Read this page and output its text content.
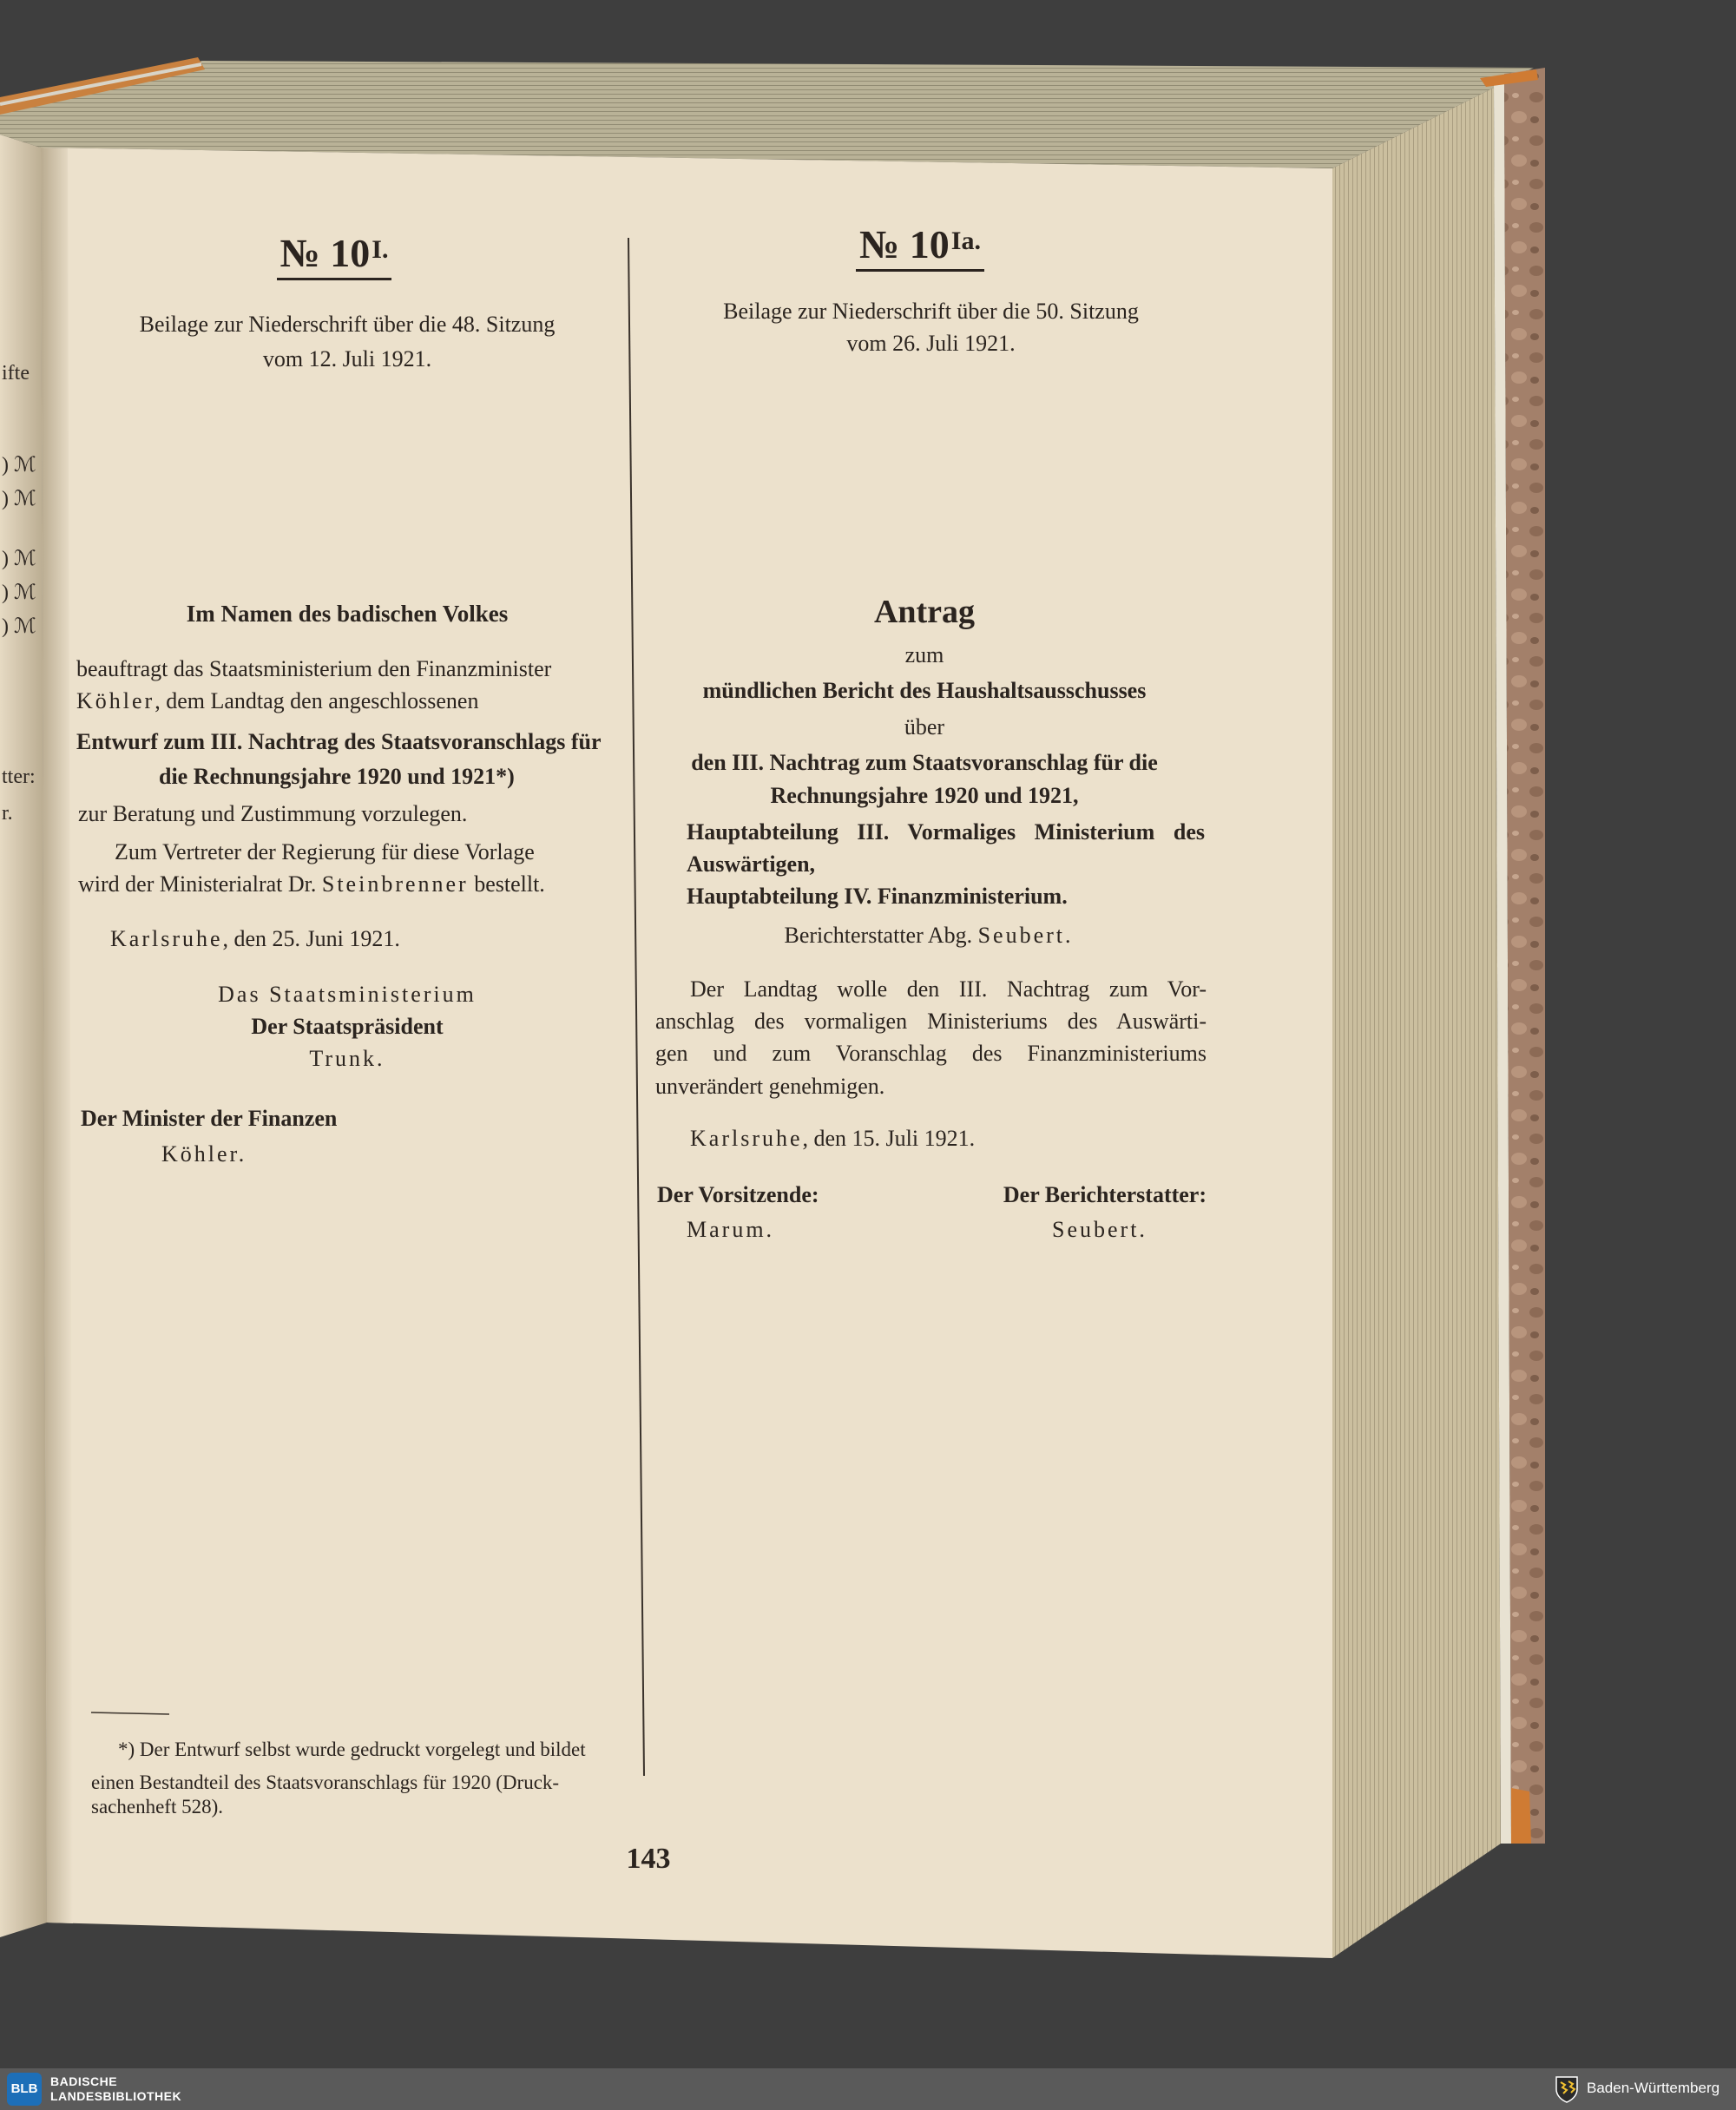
ifte
) ℳ
) ℳ
) ℳ
) ℳ
) ℳ
tter:
r.
№ 10I.
Beilage zur Niederschrift über die 48. Sitzung
vom 12. Juli 1921.
Im Namen des badischen Volkes
beauftragt das Staatsministerium den Finanzminister
Köhler, dem Landtag den angeschlossenen
Entwurf zum III. Nachtrag des Staatsvoranschlags für
die Rechnungsjahre 1920 und 1921*)
zur Beratung und Zustimmung vorzulegen.
Zum Vertreter der Regierung für diese Vorlage
wird der Ministerialrat Dr. Steinbrenner bestellt.
Karlsruhe, den 25. Juni 1921.
Das Staatsministerium
Der Staatspräsident
Trunk.
Der Minister der Finanzen
Köhler.
*) Der Entwurf selbst wurde gedruckt vorgelegt und bildet
einen Bestandteil des Staatsvoranschlags für 1920 (Druck-
sachenheft 528).
№ 10Ia.
Beilage zur Niederschrift über die 50. Sitzung
vom 26. Juli 1921.
Antrag
zum
mündlichen Bericht des Haushaltsausschusses
über
den III. Nachtrag zum Staatsvoranschlag für die
Rechnungsjahre 1920 und 1921,
Hauptabteilung III. Vormaliges Ministerium des
Auswärtigen,
Hauptabteilung IV. Finanzministerium.
Berichterstatter Abg. Seubert.
Der Landtag wolle den III. Nachtrag zum Vor-
anschlag des vormaligen Ministeriums des Auswärti-
gen und zum Voranschlag des Finanzministeriums
unverändert genehmigen.
Karlsruhe, den 15. Juli 1921.
Der Vorsitzende:	Der Berichterstatter:
Marum.	Seubert.
143
BLB	BADISCHE
LANDESBIBLIOTHEK	Baden-Württemberg
